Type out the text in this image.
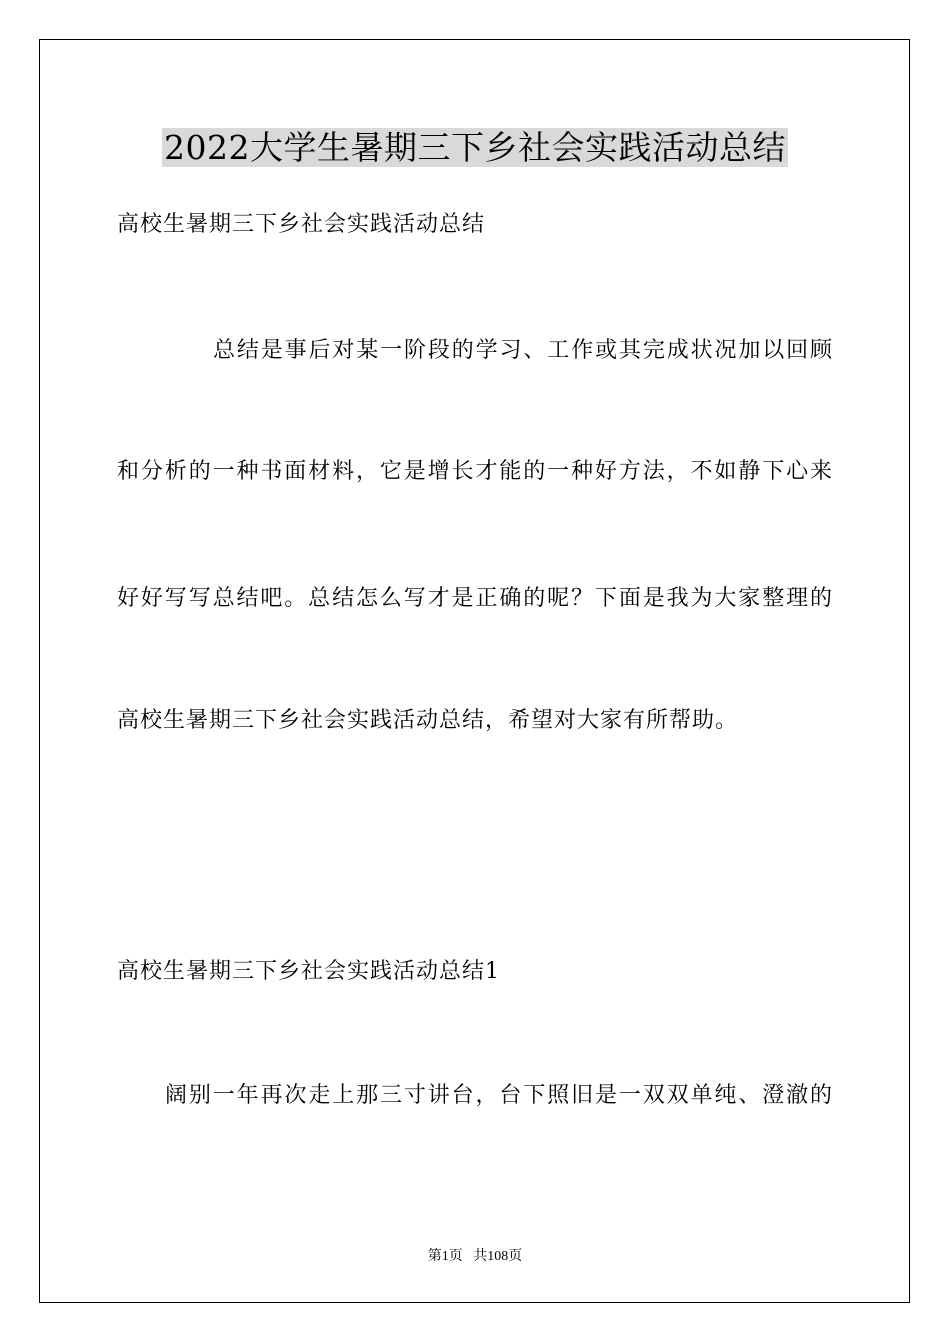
2022大学生暑期三下乡社会实践活动总结
高校生暑期三下乡社会实践活动总结
总结是事后对某一阶段的学习、工作或其完成状况加以回顾
和分析的一种书面材料，它是增长才能的一种好方法，不如静下心来
好好写写总结吧。总结怎么写才是正确的呢？下面是我为大家整理的
高校生暑期三下乡社会实践活动总结，希望对大家有所帮助。
高校生暑期三下乡社会实践活动总结1
阔别一年再次走上那三寸讲台，台下照旧是一双双单纯、澄澈的
第1页   共108页
